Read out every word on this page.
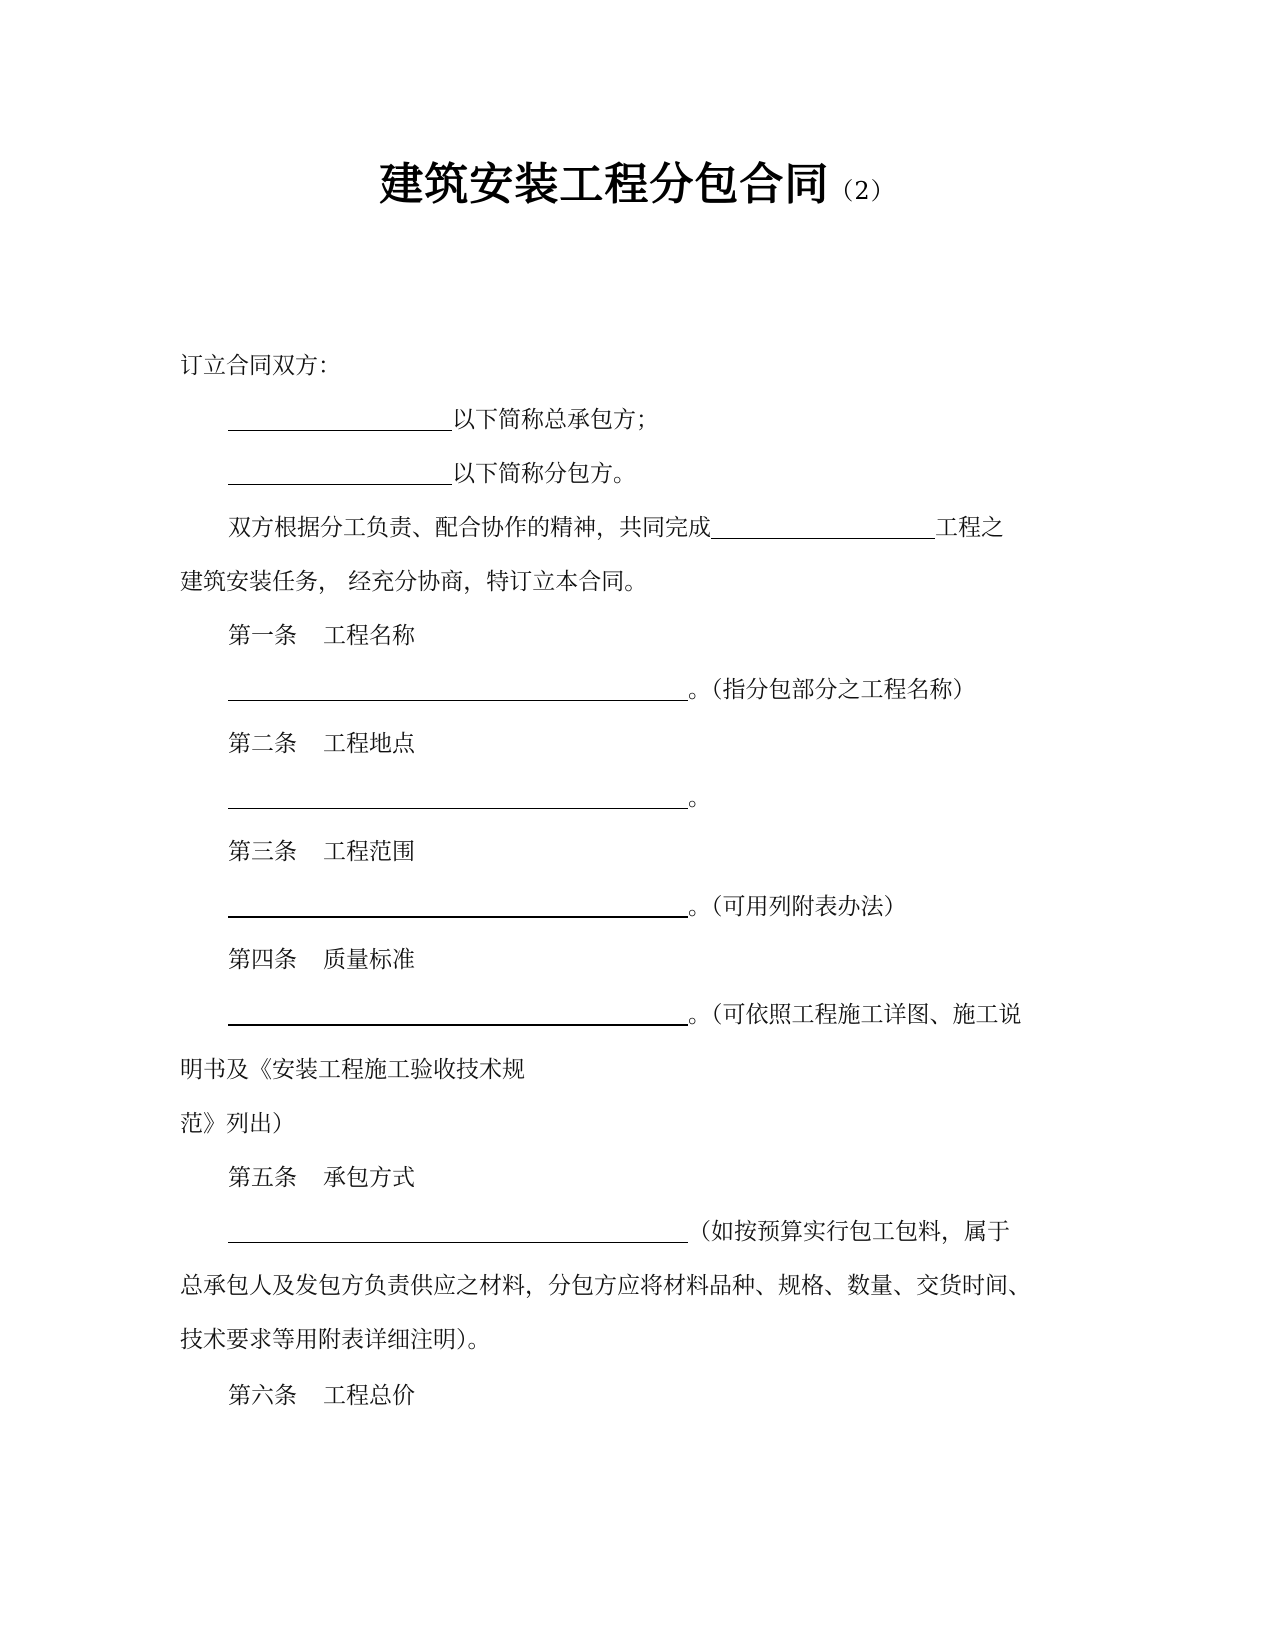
建筑安装工程分包合同（2）
订立合同双方：
以下简称总承包方；
以下简称分包方。
双方根据分工负责、配合协作的精神，共同完成	工程之
建筑安装任务， 经充分协商，特订立本合同。
第一条 工程名称
。（指分包部分之工程名称）
第二条 工程地点
。
第三条 工程范围
。（可用列附表办法）
第四条 质量标准
。（可依照工程施工详图、施工说
明书及《安装工程施工验收技术规
范》列出）
第五条 承包方式
（如按预算实行包工包料，属于
总承包人及发包方负责供应之材料，分包方应将材料品种、规格、数量、交货时间、
技术要求等用附表详细注明）。
第六条 工程总价
